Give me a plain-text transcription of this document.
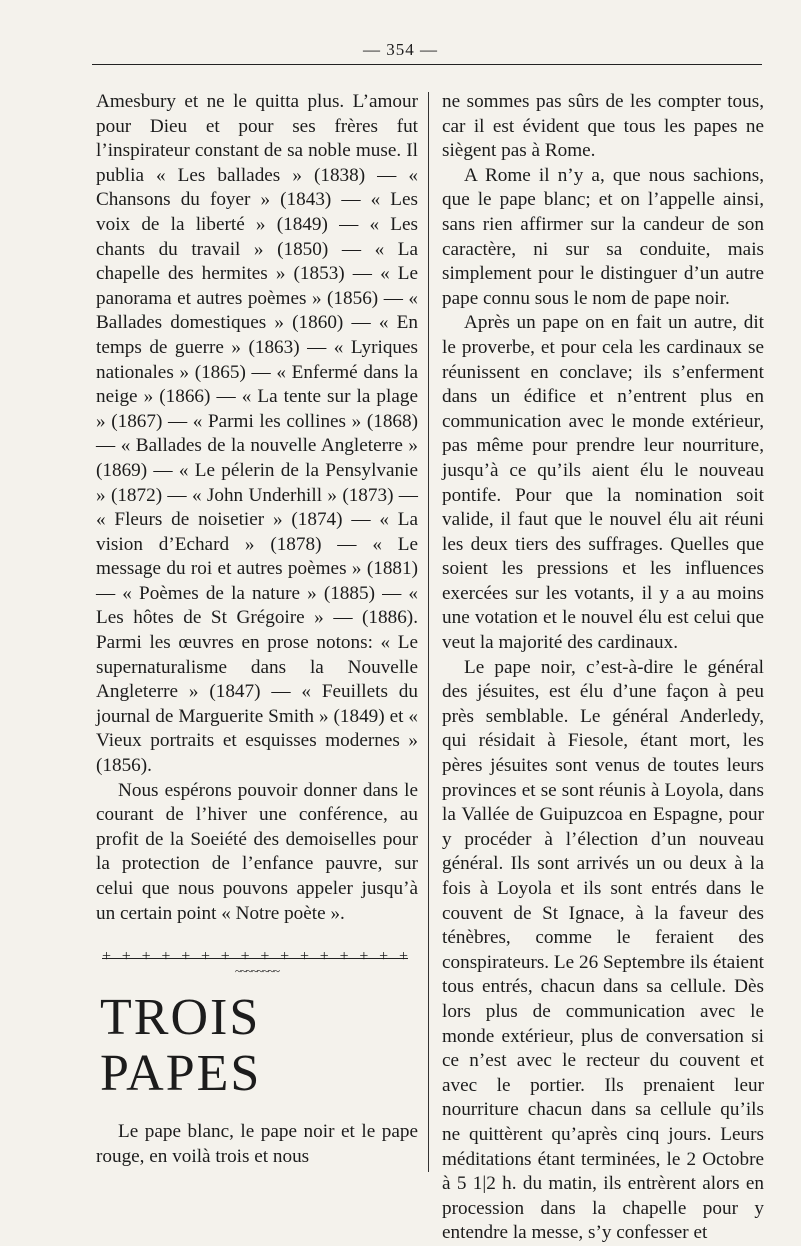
— 354 —

Amesbury et ne le quitta plus. L’amour pour Dieu et pour ses frères fut l’inspirateur constant de sa noble muse. Il publia « Les ballades » (1838) — « Chansons du foyer » (1843) — « Les voix de la liberté » (1849) — « Les chants du travail » (1850) — « La chapelle des hermites » (1853) — « Le panorama et autres poèmes » (1856) — « Ballades domestiques » (1860) — « En temps de guerre » (1863) — « Lyriques nationales » (1865) — « Enfermé dans la neige » (1866) — « La tente sur la plage » (1867) — « Parmi les collines » (1868) — « Ballades de la nouvelle Angleterre » (1869) — « Le pélerin de la Pensylvanie » (1872) — « John Underhill » (1873) — « Fleurs de noisetier » (1874) — « La vision d’Echard » (1878) — « Le message du roi et autres poèmes » (1881) — « Poèmes de la nature » (1885) — « Les hôtes de St Grégoire » — (1886). Parmi les œuvres en prose notons: « Le supernaturalisme dans la Nouvelle Angleterre » (1847) — « Feuillets du journal de Marguerite Smith » (1849) et « Vieux portraits et esquisses modernes » (1856).

Nous espérons pouvoir donner dans le courant de l’hiver une conférence, au profit de la Soeiété des demoiselles pour la protection de l’enfance pauvre, sur celui que nous pouvons appeler jusqu’à un certain point « Notre poète ».

+ + + + + + + + + + + + + + + +
~~~~~~~~
TROIS PAPES

Le pape blanc, le pape noir et le pape rouge, en voilà trois et nous

ne sommes pas sûrs de les compter tous, car il est évident que tous les papes ne siègent pas à Rome.

A Rome il n’y a, que nous sachions, que le pape blanc; et on l’appelle ainsi, sans rien affirmer sur la candeur de son caractère, ni sur sa conduite, mais simplement pour le distinguer d’un autre pape connu sous le nom de pape noir.

Après un pape on en fait un autre, dit le proverbe, et pour cela les cardinaux se réunissent en conclave; ils s’enferment dans un édifice et n’entrent plus en communication avec le monde extérieur, pas même pour prendre leur nourriture, jusqu’à ce qu’ils aient élu le nouveau pontife. Pour que la nomination soit valide, il faut que le nouvel élu ait réuni les deux tiers des suffrages. Quelles que soient les pressions et les influences exercées sur les votants, il y a au moins une votation et le nouvel élu est celui que veut la majorité des cardinaux.

Le pape noir, c’est-à-dire le général des jésuites, est élu d’une façon à peu près semblable. Le général Anderledy, qui résidait à Fiesole, étant mort, les pères jésuites sont venus de toutes leurs provinces et se sont réunis à Loyola, dans la Vallée de Guipuzcoa en Espagne, pour y procéder à l’élection d’un nouveau général. Ils sont arrivés un ou deux à la fois à Loyola et ils sont entrés dans le couvent de St Ignace, à la faveur des ténèbres, comme le feraient des conspirateurs. Le 26 Septembre ils étaient tous entrés, chacun dans sa cellule. Dès lors plus de communication avec le monde extérieur, plus de conversation si ce n’est avec le recteur du couvent et avec le portier. Ils prenaient leur nourriture chacun dans sa cellule qu’ils ne quittèrent qu’après cinq jours. Leurs méditations étant terminées, le 2 Octobre à 5 1|2 h. du matin, ils entrèrent alors en procession dans la chapelle pour y entendre la messe, s’y confesser et
